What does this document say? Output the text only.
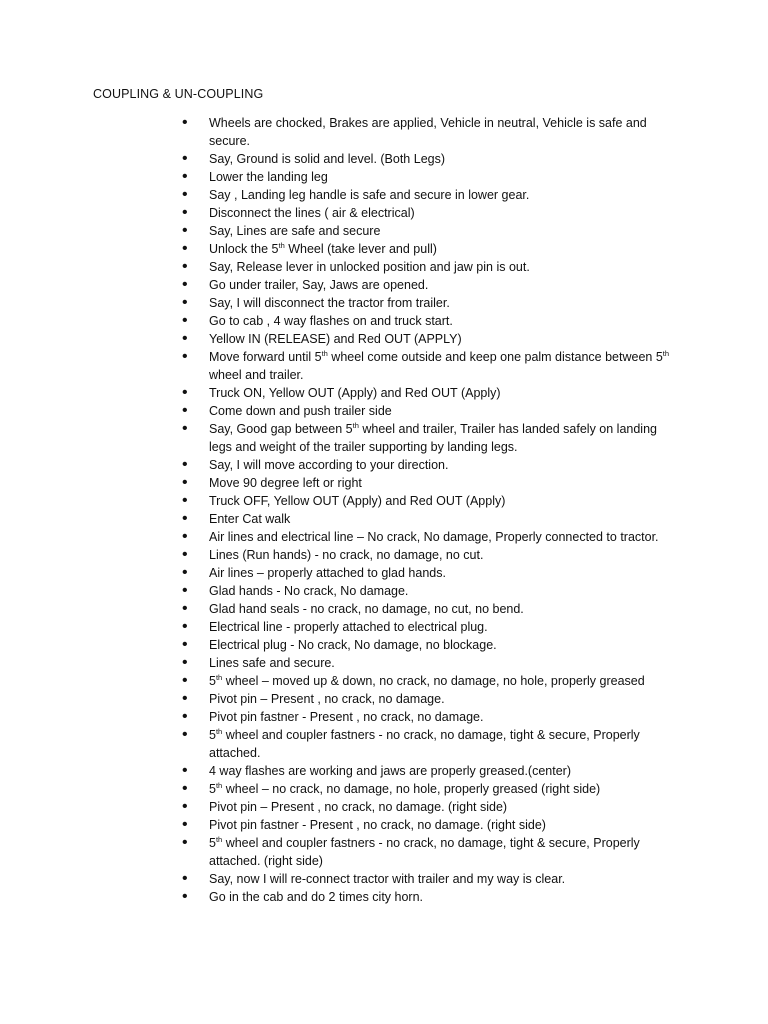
COUPLING & UN-COUPLING
• Wheels are chocked, Brakes are applied, Vehicle in neutral, Vehicle is safe and secure.
• Say, Ground is solid and level. (Both Legs)
• Lower the landing leg
• Say , Landing leg handle is safe and secure in lower gear.
• Disconnect the lines ( air & electrical)
• Say, Lines are safe and secure
• Unlock the 5th Wheel (take lever and pull)
• Say, Release lever in unlocked position and jaw pin is out.
• Go under trailer, Say, Jaws are opened.
• Say, I will disconnect the tractor from trailer.
• Go to cab , 4 way flashes on and truck start.
• Yellow IN (RELEASE) and Red OUT (APPLY)
• Move forward until 5th wheel come outside and keep one palm distance between 5th wheel and trailer.
• Truck ON, Yellow OUT (Apply) and Red OUT (Apply)
• Come down and push trailer side
• Say, Good gap between 5th wheel and trailer, Trailer has landed safely on landing legs and weight of the trailer supporting by landing legs.
• Say, I will move according to your direction.
• Move 90 degree left or right
• Truck OFF, Yellow OUT (Apply) and Red OUT (Apply)
• Enter Cat walk
• Air lines and electrical line – No crack, No damage, Properly connected to tractor.
• Lines (Run hands) - no crack, no damage, no cut.
• Air lines – properly attached to glad hands.
• Glad hands - No crack, No damage.
• Glad hand seals - no crack, no damage, no cut, no bend.
• Electrical line - properly attached to electrical plug.
• Electrical plug - No crack, No damage, no blockage.
• Lines safe and secure.
• 5th wheel – moved up & down, no crack, no damage, no hole, properly greased
• Pivot pin – Present , no crack, no damage.
• Pivot pin fastner - Present , no crack, no damage.
• 5th wheel and coupler fastners - no crack, no damage, tight & secure, Properly attached.
• 4 way flashes are working and jaws are properly greased.(center)
• 5th wheel – no crack, no damage, no hole, properly greased (right side)
• Pivot pin – Present , no crack, no damage. (right side)
• Pivot pin fastner - Present , no crack, no damage. (right side)
• 5th wheel and coupler fastners - no crack, no damage, tight & secure, Properly attached. (right side)
• Say, now I will re-connect tractor with trailer and my way is clear.
• Go in the cab and do 2 times city horn.
